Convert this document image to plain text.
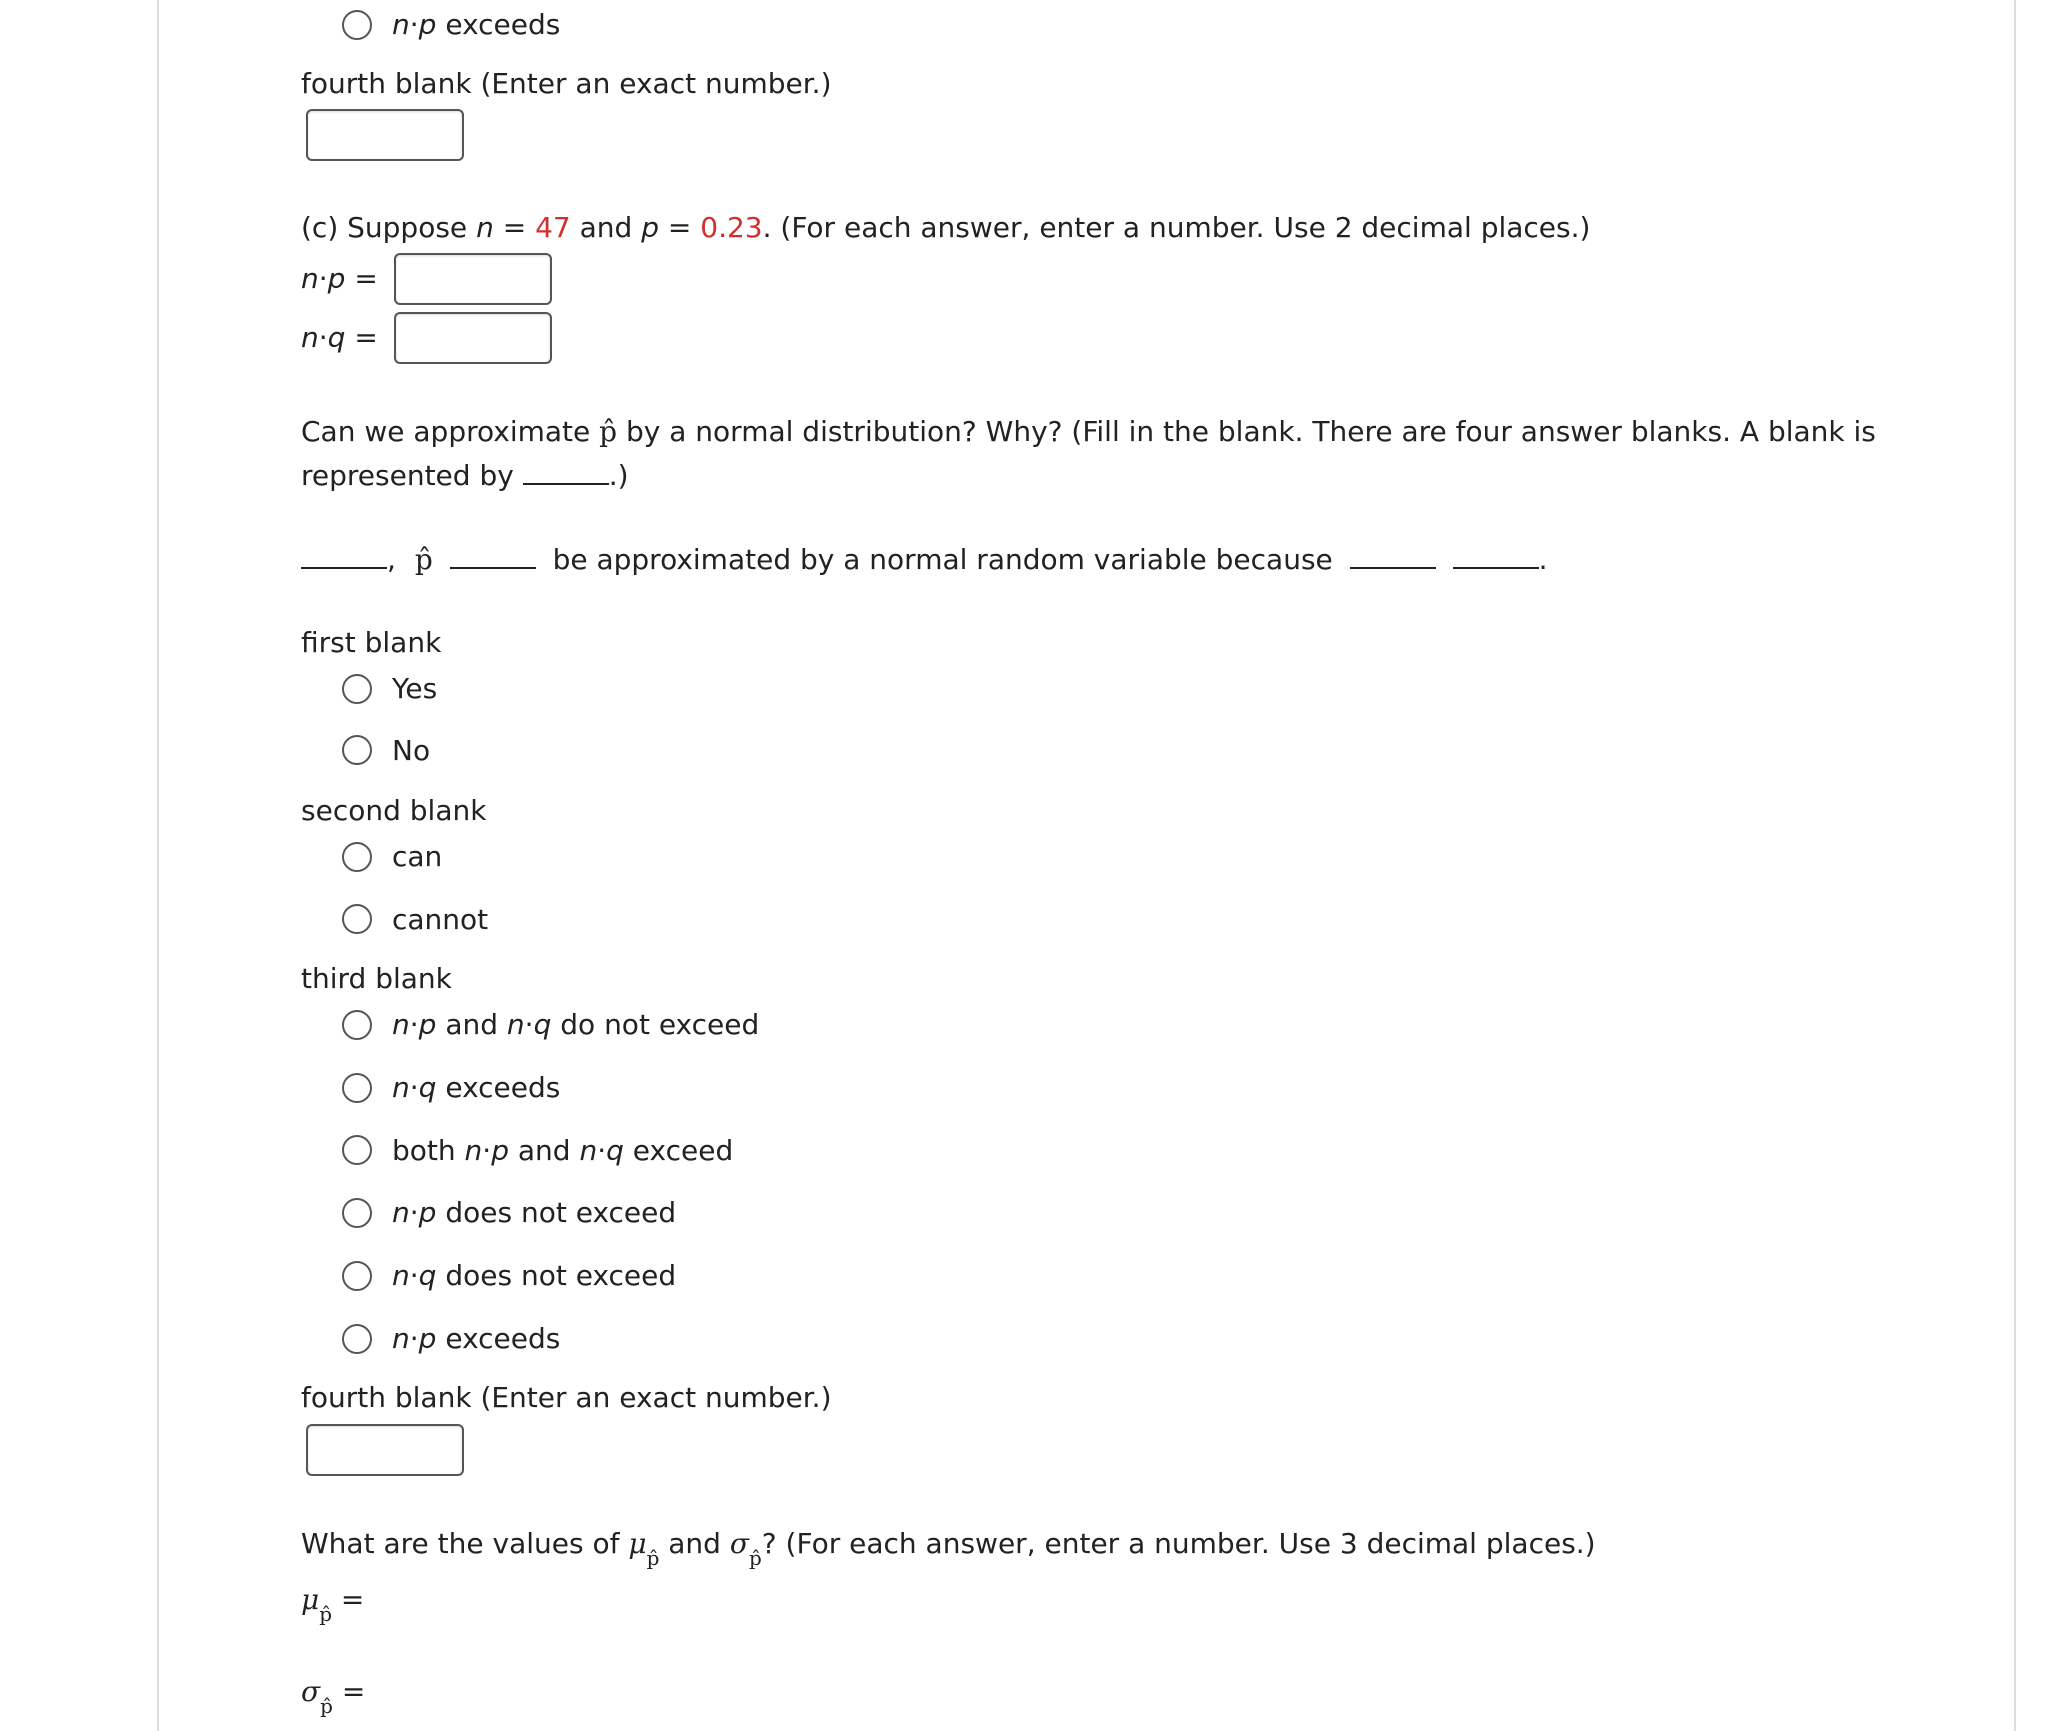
n·p exceeds
fourth blank (Enter an exact number.)
(c) Suppose n = 47 and p = 0.23. (For each answer, enter a number. Use 2 decimal places.)
n·p =
n·q =
Can we approximate p̂ by a normal distribution? Why? (Fill in the blank. There are four answer blanks. A blank is
represented by	.)
, p̂	be approximated by a normal random variable because	.
first blank
Yes
No
second blank
can
cannot
third blank
n·p and n·q do not exceed
n·q exceeds
both n·p and n·q exceed
n·p does not exceed
n·q does not exceed
n·p exceeds
fourth blank (Enter an exact number.)
What are the values of $\mu_{p̂}$ and $\sigma_{p̂}$? (For each answer, enter a number. Use 3 decimal places.)
$\mu_{p̂}$ =
$\sigma_{p̂}$ =
